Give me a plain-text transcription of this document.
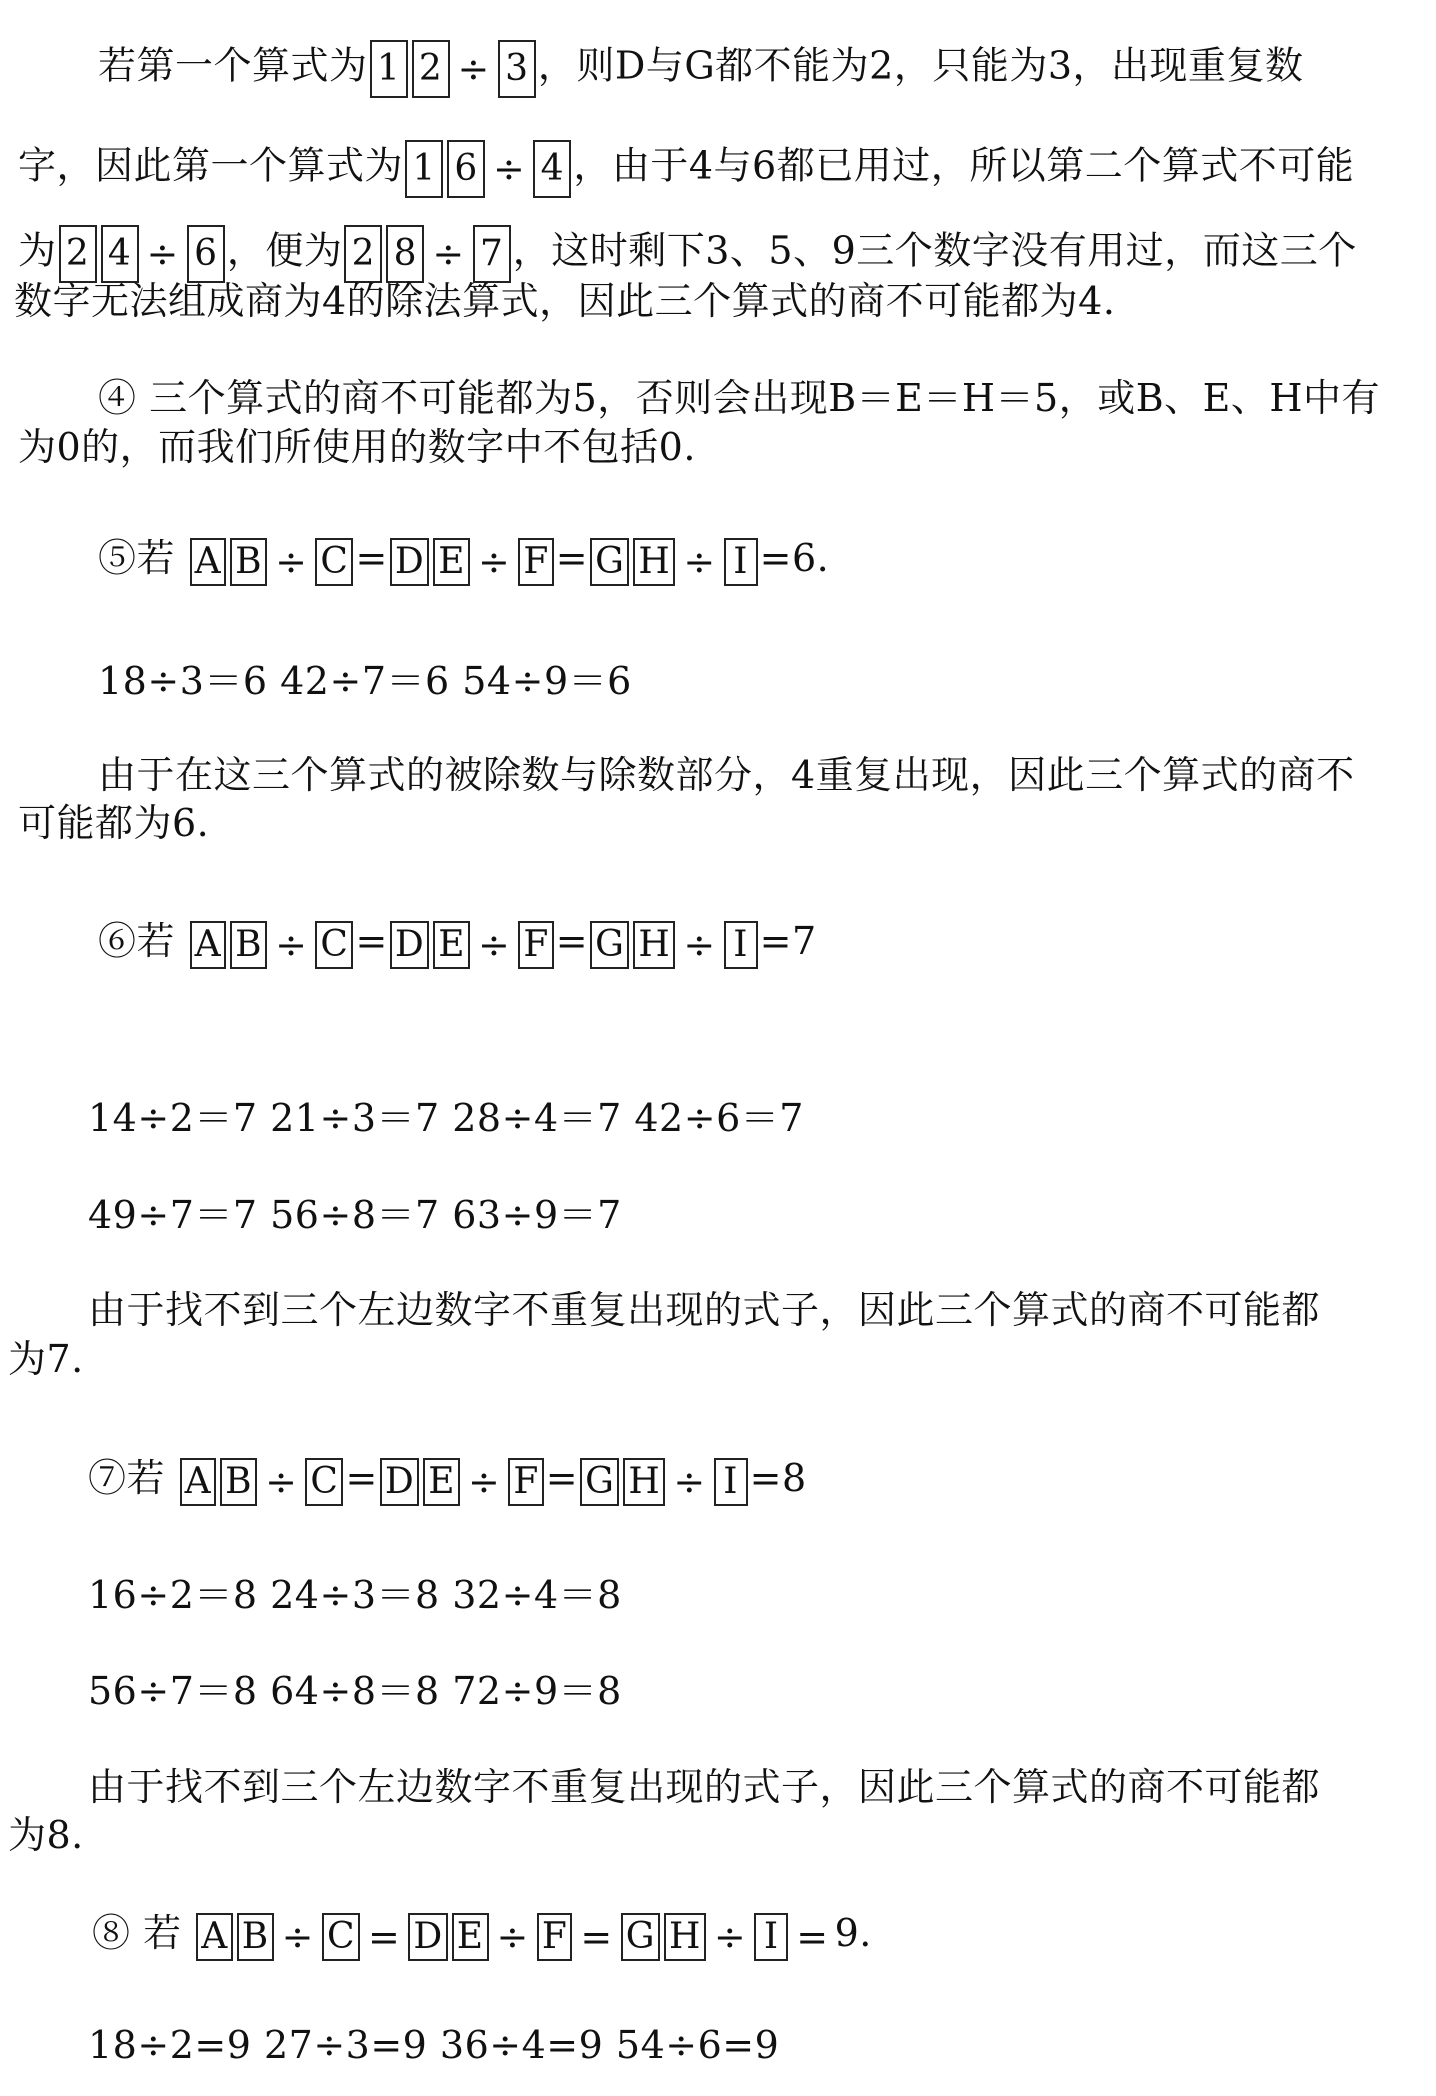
若第一个算式为 1 2 ÷ 3 ，则D与G都不能为2，只能为3，出现重复数
字，因此第一个算式为 1 6 ÷ 4 ，由于4与6都已用过，所以第二个算式不可能
为 2 4 ÷ 6 ，便为 2 8 ÷ 7 ，这时剩下3、5、9三个数字没有用过，而这三个
数字无法组成商为4的除法算式，因此三个算式的商不可能都为4.
④ 三个算式的商不可能都为5，否则会出现B＝E＝H＝5，或B、E、H中有
为0的，而我们所使用的数字中不包括0.
⑤若 A B ÷ C = D E ÷ F = G H ÷ I =6.
18÷3＝6 42÷7＝6 54÷9＝6
由于在这三个算式的被除数与除数部分，4重复出现，因此三个算式的商不
可能都为6.
⑥若 A B ÷ C = D E ÷ F = G H ÷ I =7
14÷2＝7 21÷3＝7 28÷4＝7 42÷6＝7
49÷7＝7 56÷8＝7 63÷9＝7
由于找不到三个左边数字不重复出现的式子，因此三个算式的商不可能都
为7.
⑦若 A B ÷ C = D E ÷ F = G H ÷ I =8
16÷2＝8 24÷3＝8 32÷4＝8
56÷7＝8 64÷8＝8 72÷9＝8
由于找不到三个左边数字不重复出现的式子，因此三个算式的商不可能都
为8.
⑧ 若 A B ÷ C = D E ÷ F = G H ÷ I = 9.
18÷2=9 27÷3=9 36÷4=9 54÷6=9
